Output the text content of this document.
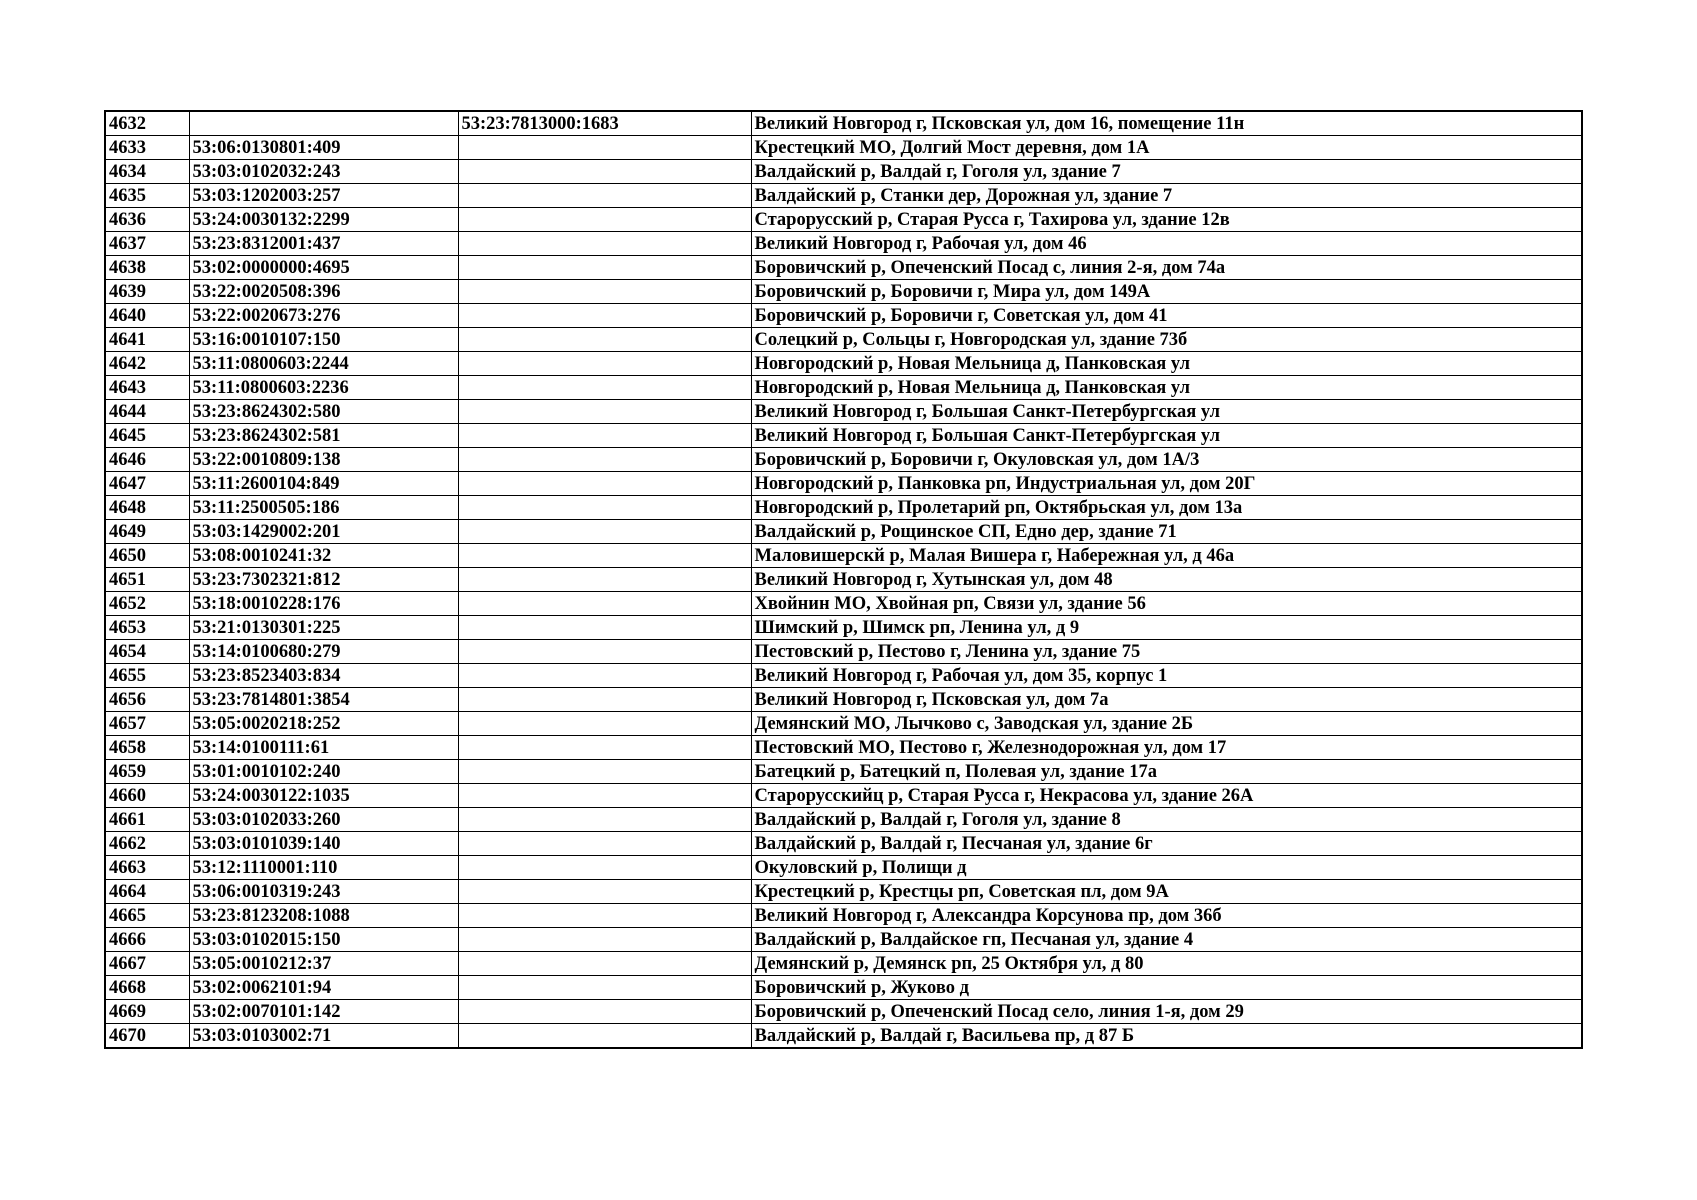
4632		53:23:7813000:1683	Великий Новгород г, Псковская ул, дом 16, помещение 11н
4633	53:06:0130801:409		Крестецкий МО, Долгий Мост деревня, дом 1А
4634	53:03:0102032:243		Валдайский р, Валдай г, Гоголя ул, здание 7
4635	53:03:1202003:257		Валдайский р, Станки дер, Дорожная ул, здание 7
4636	53:24:0030132:2299		Старорусский р, Старая Русса г, Тахирова ул, здание 12в
4637	53:23:8312001:437		Великий Новгород г, Рабочая ул, дом 46
4638	53:02:0000000:4695		Боровичский р, Опеченский Посад с, линия 2-я, дом 74а
4639	53:22:0020508:396		Боровичский р, Боровичи г, Мира ул, дом 149А
4640	53:22:0020673:276		Боровичский р, Боровичи г, Советская ул, дом 41
4641	53:16:0010107:150		Солецкий р, Сольцы г, Новгородская ул, здание 73б
4642	53:11:0800603:2244		Новгородский р, Новая Мельница д, Панковская ул
4643	53:11:0800603:2236		Новгородский р, Новая Мельница д, Панковская ул
4644	53:23:8624302:580		Великий Новгород г, Большая Санкт-Петербургская ул
4645	53:23:8624302:581		Великий Новгород г, Большая Санкт-Петербургская ул
4646	53:22:0010809:138		Боровичский р, Боровичи г, Окуловская ул, дом 1А/3
4647	53:11:2600104:849		Новгородский р, Панковка рп, Индустриальная ул, дом 20Г
4648	53:11:2500505:186		Новгородский р, Пролетарий рп, Октябрьская ул, дом 13а
4649	53:03:1429002:201		Валдайский р, Рощинское СП, Едно дер, здание 71
4650	53:08:0010241:32		Маловишерскй р, Малая Вишера г, Набережная ул, д 46а
4651	53:23:7302321:812		Великий Новгород г, Хутынская ул, дом 48
4652	53:18:0010228:176		Хвойнин МО, Хвойная рп, Связи ул, здание 56
4653	53:21:0130301:225		Шимский р, Шимск рп, Ленина ул, д 9
4654	53:14:0100680:279		Пестовский р, Пестово г, Ленина ул, здание 75
4655	53:23:8523403:834		Великий Новгород г, Рабочая ул, дом 35, корпус 1
4656	53:23:7814801:3854		Великий Новгород г, Псковская ул, дом 7а
4657	53:05:0020218:252		Демянский МО, Лычково с, Заводская ул, здание 2Б
4658	53:14:0100111:61		Пестовский МО, Пестово г, Железнодорожная ул, дом 17
4659	53:01:0010102:240		Батецкий р, Батецкий п, Полевая ул, здание 17а
4660	53:24:0030122:1035		Старорусскийц р, Старая Русса г, Некрасова ул, здание 26А
4661	53:03:0102033:260		Валдайский р, Валдай г, Гоголя ул, здание 8
4662	53:03:0101039:140		Валдайский р, Валдай г, Песчаная ул, здание 6г
4663	53:12:1110001:110		Окуловский р, Полищи д
4664	53:06:0010319:243		Крестецкий р, Крестцы рп, Советская пл, дом 9А
4665	53:23:8123208:1088		Великий Новгород г, Александра Корсунова пр, дом 36б
4666	53:03:0102015:150		Валдайский р, Валдайское гп, Песчаная ул, здание 4
4667	53:05:0010212:37		Демянский р, Демянск рп, 25 Октября ул, д 80
4668	53:02:0062101:94		Боровичский р, Жуково д
4669	53:02:0070101:142		Боровичский р, Опеченский Посад село, линия 1-я, дом 29
4670	53:03:0103002:71		Валдайский р, Валдай г, Васильева пр, д 87 Б
